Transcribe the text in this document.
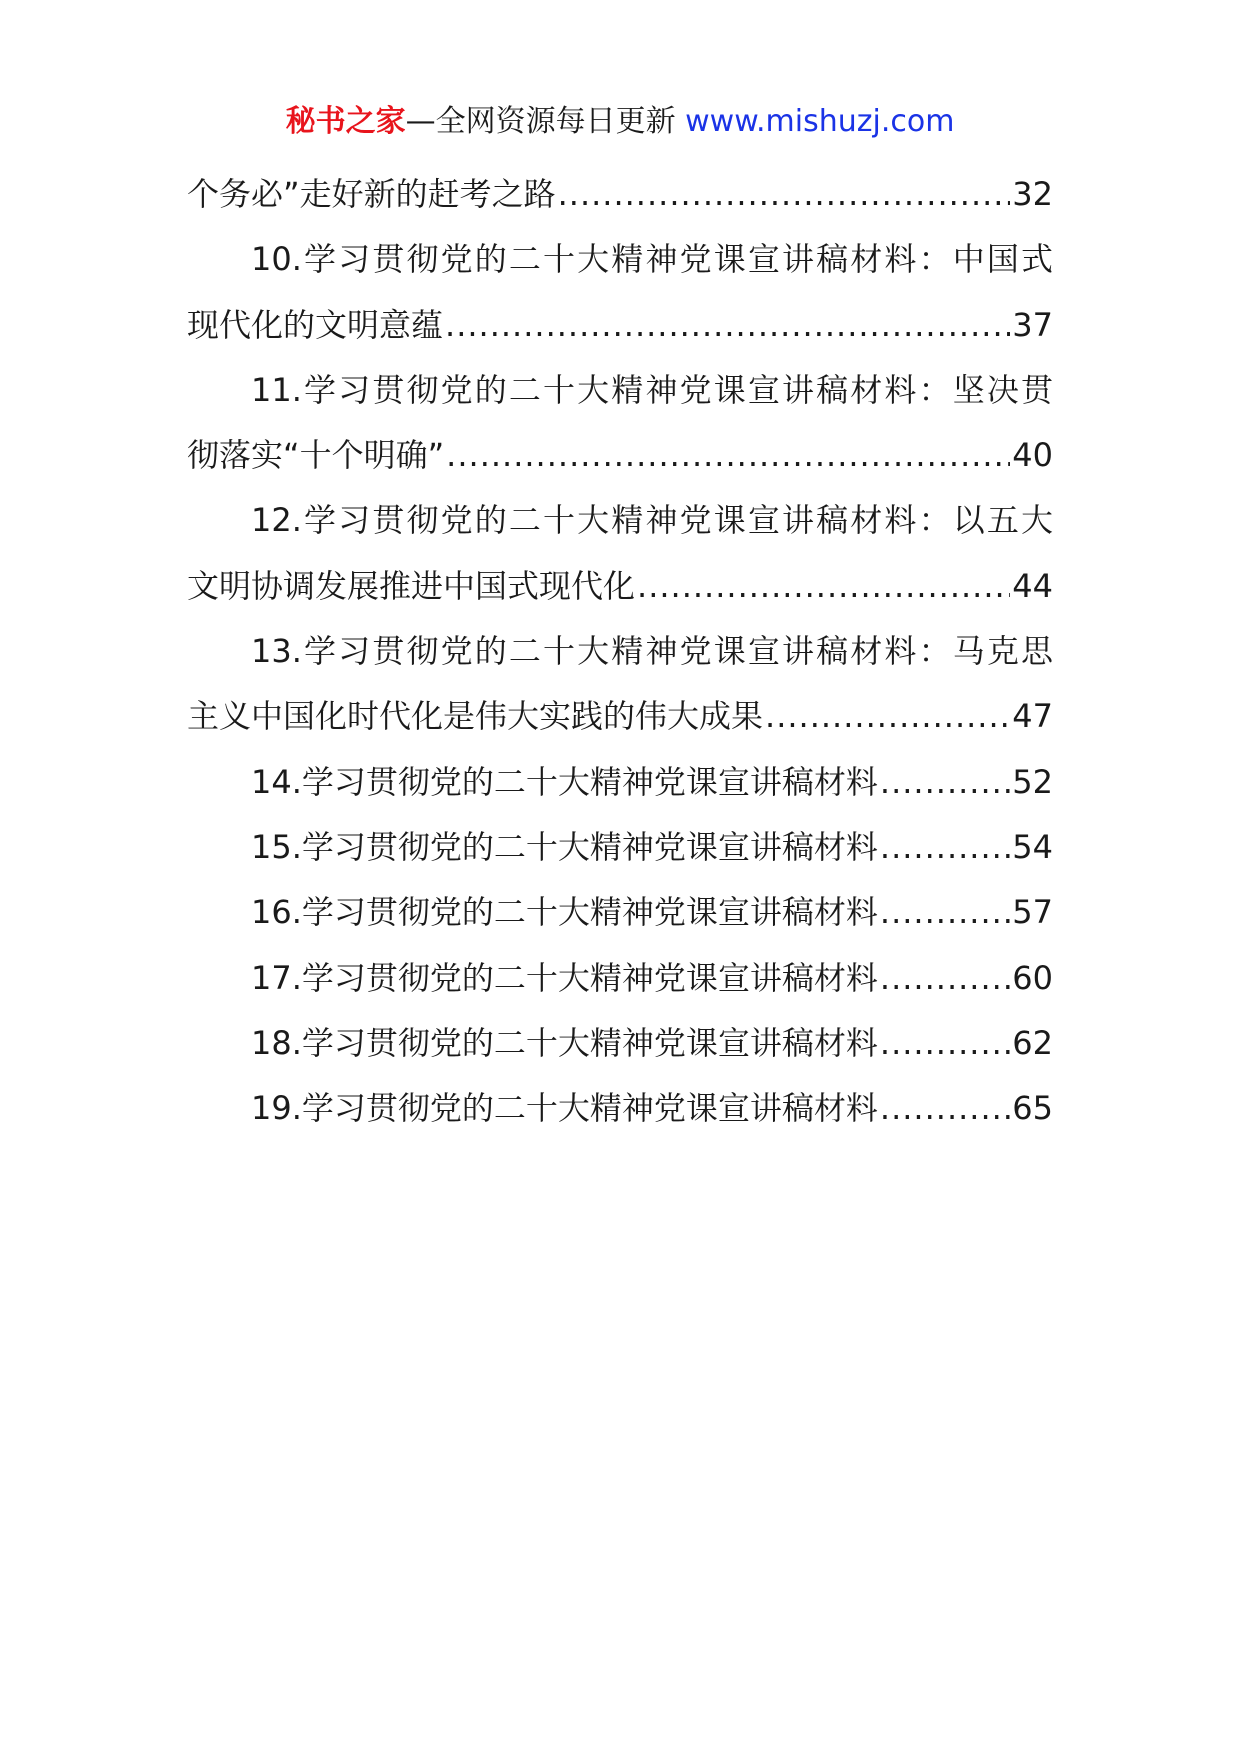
秘书之家—全网资源每日更新 www.mishuzj.com
个务必”走好新的赶考之路 .....	32
10.学习贯彻党的二十大精神党课宣讲稿材料：中国式
现代化的文明意蕴 .....	37
11.学习贯彻党的二十大精神党课宣讲稿材料：坚决贯
彻落实“十个明确” .....	40
12.学习贯彻党的二十大精神党课宣讲稿材料：以五大
文明协调发展推进中国式现代化 .....	44
13.学习贯彻党的二十大精神党课宣讲稿材料：马克思
主义中国化时代化是伟大实践的伟大成果 .....	47
14.学习贯彻党的二十大精神党课宣讲稿材料 .....	52
15.学习贯彻党的二十大精神党课宣讲稿材料 .....	54
16.学习贯彻党的二十大精神党课宣讲稿材料 .....	57
17.学习贯彻党的二十大精神党课宣讲稿材料 .....	60
18.学习贯彻党的二十大精神党课宣讲稿材料 .....	62
19.学习贯彻党的二十大精神党课宣讲稿材料 .....	65
